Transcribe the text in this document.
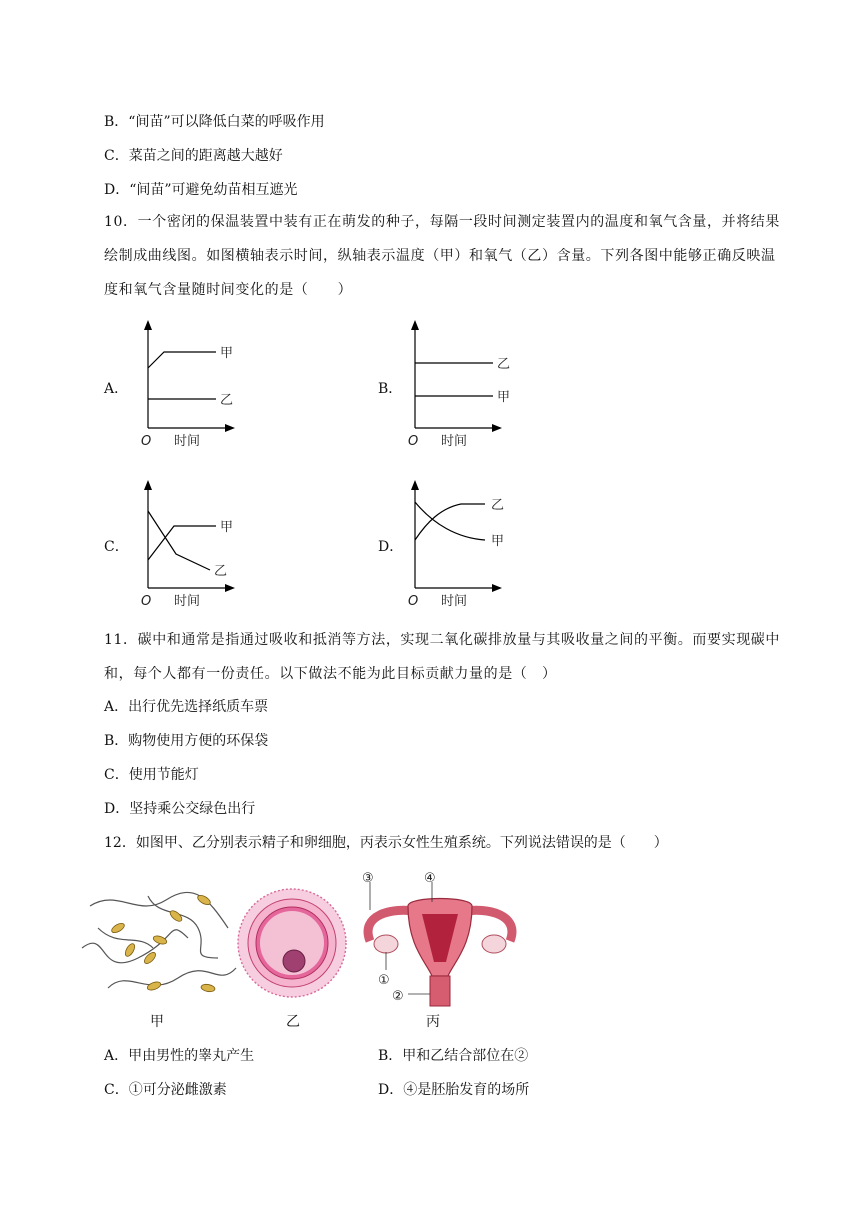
B．“间苗”可以降低白菜的呼吸作用
C．菜苗之间的距离越大越好
D．“间苗”可避免幼苗相互遮光
10．一个密闭的保温装置中装有正在萌发的种子，每隔一段时间测定装置内的温度和氧气含量，并将结果绘制成曲线图。如图横轴表示时间，纵轴表示温度（甲）和氧气（乙）含量。下列各图中能够正确反映温度和氧气含量随时间变化的是（　　）
A．	B．
C．	D．
甲
乙
O 时间
乙
甲
O 时间
甲
乙
O 时间
乙
甲
O 时间
11．碳中和通常是指通过吸收和抵消等方法，实现二氧化碳排放量与其吸收量之间的平衡。而要实现碳中和，每个人都有一份责任。以下做法不能为此目标贡献力量的是（　）
A．出行优先选择纸质车票
B．购物使用方便的环保袋
C．使用节能灯
D．坚持乘公交绿色出行
12．如图甲、乙分别表示精子和卵细胞，丙表示女性生殖系统。下列说法错误的是（　　）
③	④
①
②
甲	乙	丙
A．甲由男性的睾丸产生	B．甲和乙结合部位在②
C．①可分泌雌激素	D．④是胚胎发育的场所
